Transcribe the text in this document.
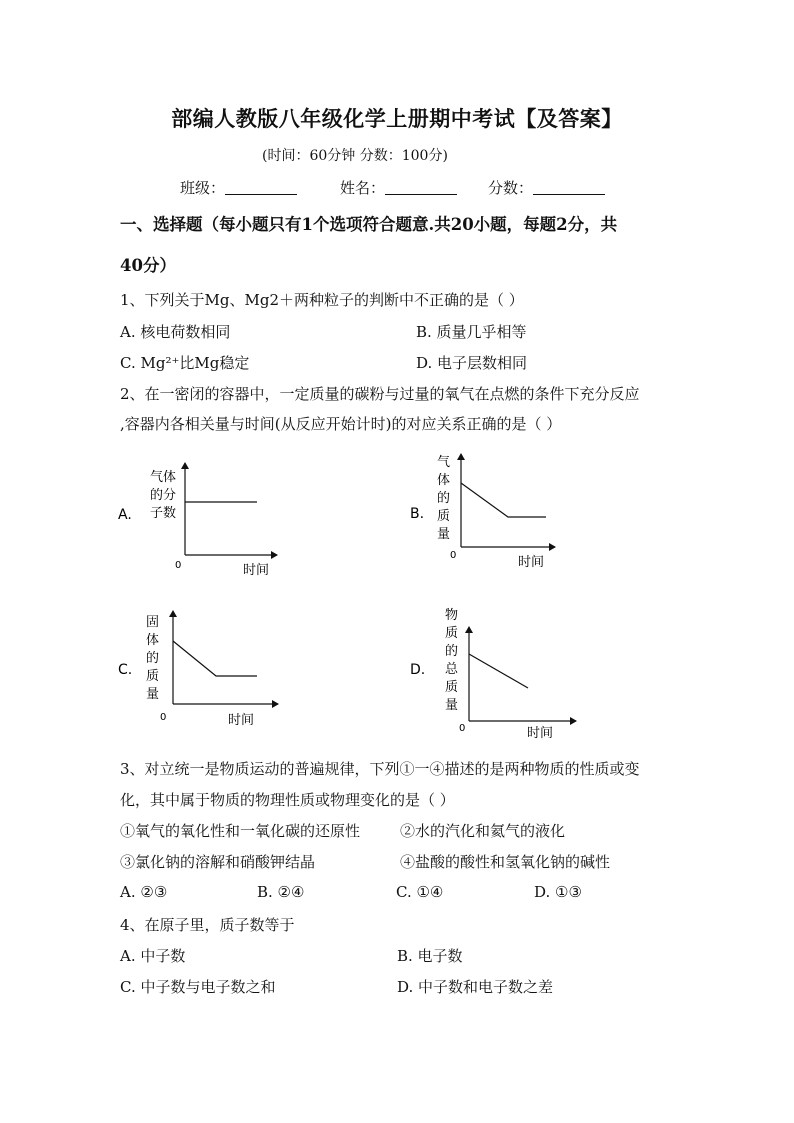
部编人教版八年级化学上册期中考试【及答案】
(时间：60分钟 分数：100分)
班级：	姓名：	分数：
一、选择题（每小题只有1个选项符合题意.共20小题，每题2分，共
40分）
1、下列关于Mg、Mg2＋两种粒子的判断中不正确的是（ ）
A. 核电荷数相同	B. 质量几乎相等
C. Mg²⁺比Mg稳定	D. 电子层数相同
2、在一密闭的容器中，一定质量的碳粉与过量的氧气在点燃的条件下充分反应
,容器内各相关量与时间(从反应开始计时)的对应关系正确的是（ ）
A.
气体
的分
子数
0	时间
B.
气
体
的
质
量
0	时间
C.
固
体
的
质
量
0	时间
D.
物
质
的
总
质
量
0	时间
3、对立统一是物质运动的普遍规律，下列①一④描述的是两种物质的性质或变
化，其中属于物质的物理性质或物理变化的是（ ）
①氧气的氧化性和一氧化碳的还原性	②水的汽化和氦气的液化
③氯化钠的溶解和硝酸钾结晶	④盐酸的酸性和氢氧化钠的碱性
A. ②③	B. ②④	C. ①④	D. ①③
4、在原子里，质子数等于
A. 中子数	B. 电子数
C. 中子数与电子数之和	D. 中子数和电子数之差
